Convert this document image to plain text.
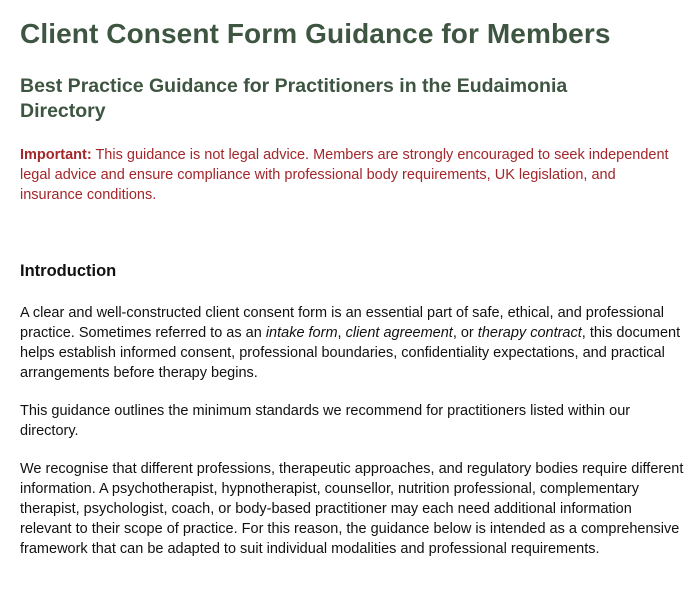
Client Consent Form Guidance for Members
Best Practice Guidance for Practitioners in the Eudaimonia Directory

Important: This guidance is not legal advice. Members are strongly encouraged to seek independent legal advice and ensure compliance with professional body requirements, UK legislation, and insurance conditions.

Introduction

A clear and well-constructed client consent form is an essential part of safe, ethical, and professional practice. Sometimes referred to as an intake form, client agreement, or therapy contract, this document helps establish informed consent, professional boundaries, confidentiality expectations, and practical arrangements before therapy begins.

This guidance outlines the minimum standards we recommend for practitioners listed within our directory.

We recognise that different professions, therapeutic approaches, and regulatory bodies require different information. A psychotherapist, hypnotherapist, counsellor, nutrition professional, complementary therapist, psychologist, coach, or body-based practitioner may each need additional information relevant to their scope of practice. For this reason, the guidance below is intended as a comprehensive framework that can be adapted to suit individual modalities and professional requirements.
